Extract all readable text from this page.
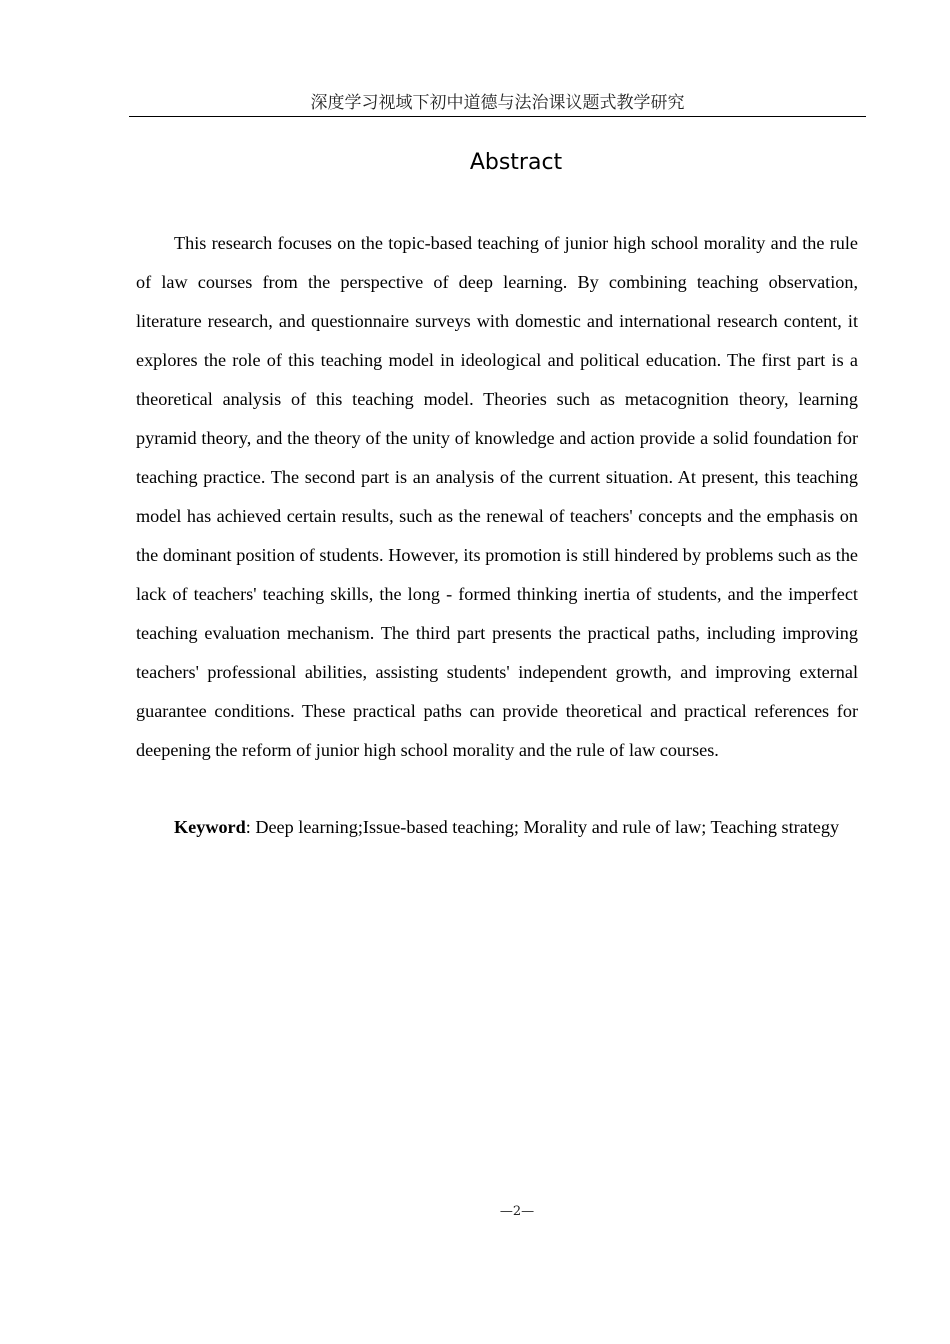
深度学习视域下初中道德与法治课议题式教学研究
Abstract

This research focuses on the topic-based teaching of junior high school morality and the rule of law courses from the perspective of deep learning. By combining teaching observation, literature research, and questionnaire surveys with domestic and international research content, it explores the role of this teaching model in ideological and political education. The first part is a theoretical analysis of this teaching model. Theories such as metacognition theory, learning pyramid theory, and the theory of the unity of knowledge and action provide a solid foundation for teaching practice. The second part is an analysis of the current situation. At present, this teaching model has achieved certain results, such as the renewal of teachers' concepts and the emphasis on the dominant position of students. However, its promotion is still hindered by problems such as the lack of teachers' teaching skills, the long - formed thinking inertia of students, and the imperfect teaching evaluation mechanism. The third part presents the practical paths, including improving teachers' professional abilities, assisting students' independent growth, and improving external guarantee conditions. These practical paths can provide theoretical and practical references for deepening the reform of junior high school morality and the rule of law courses.

Keyword: Deep learning;Issue-based teaching; Morality and rule of law; Teaching strategy

—2—
